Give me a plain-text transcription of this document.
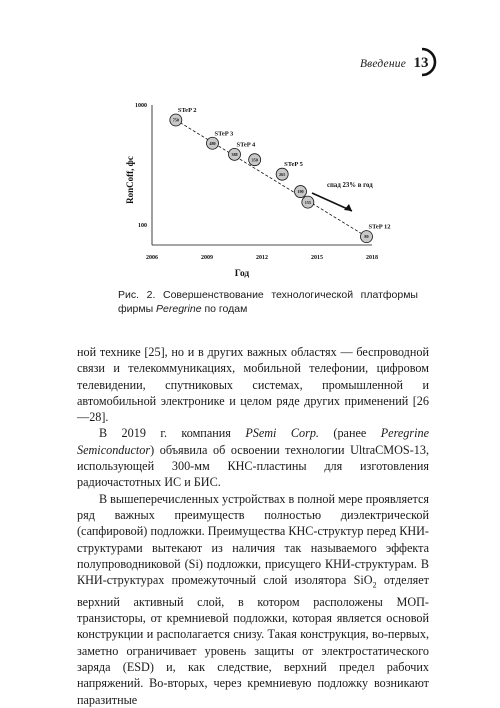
Введение 13
RonCoff, фс
Год
2006	2009	2012	2015	2018
1000
100
750
STeP 2
480
STeP 3
388
STeP 4
350
265
STeP 5
190
155
80
STeP 12
спад 23% в год
Рис. 2. Совершенствование технологической платформы фирмы Peregrine по годам

ной технике [25], но и в других важных областях — беспроводной связи и телекоммуникациях, мобильной телефонии, цифровом телевидении, спутниковых системах, промышленной и автомобильной электронике и целом ряде других применений [26—28].

В 2019 г. компания PSemi Corp. (ранее Peregrine Semiconductor) объявила об освоении технологии UltraCMOS-13, использующей 300-мм КНС-пластины для изготовления радиочастотных ИС и БИС.

В вышеперечисленных устройствах в полной мере проявляется ряд важных преимуществ полностью диэлектрической (сапфировой) подложки. Преимущества КНС-структур перед КНИ-структурами вытекают из наличия так называемого эффекта полупроводниковой (Si) подложки, присущего КНИ-структурам. В КНИ-структурах промежуточный слой изолятора SiO$_2$ отделяет верхний активный слой, в котором расположены МОП-транзисторы, от кремниевой подложки, которая является основой конструкции и располагается снизу. Такая конструкция, во-первых, заметно ограничивает уровень защиты от электростатического заряда (ESD) и, как следствие, верхний предел рабочих напряжений. Во-вторых, через кремниевую подложку возникают паразитные
